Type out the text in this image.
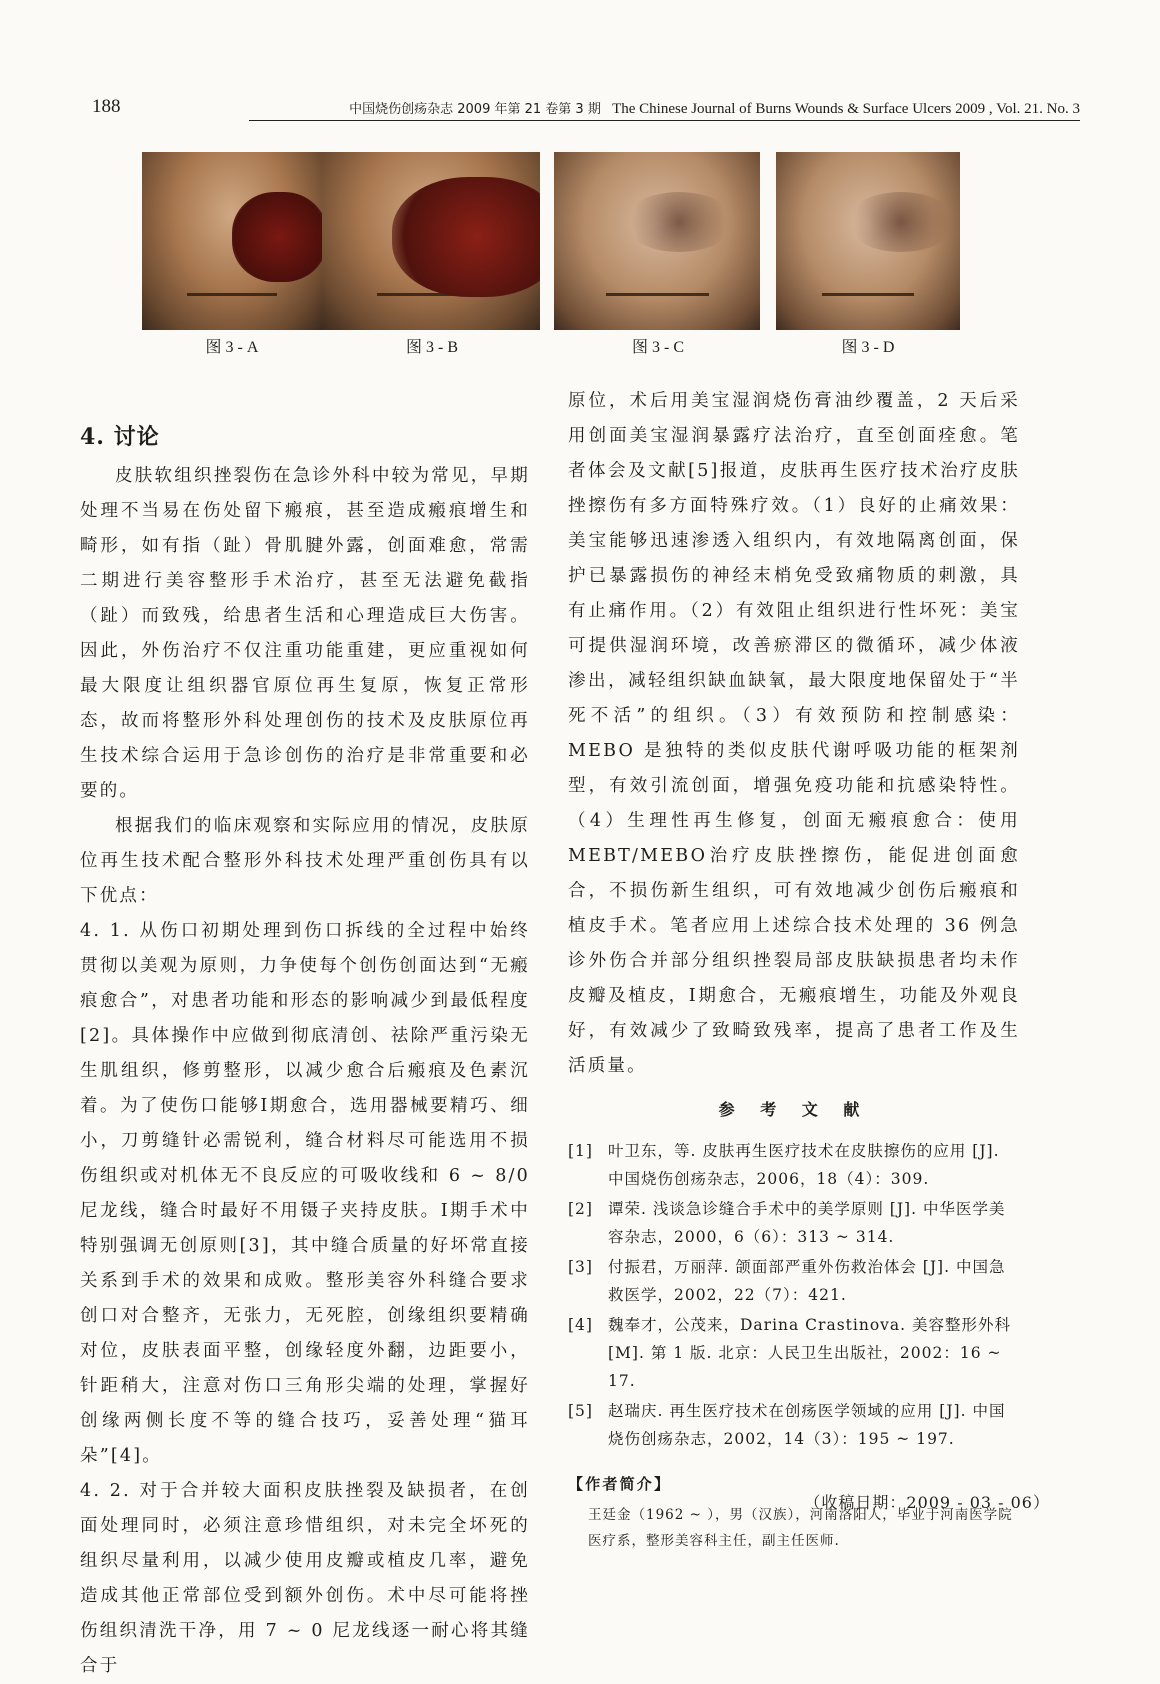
188	中国烧伤创疡杂志 2009 年第 21 卷第 3 期 The Chinese Journal of Burns Wounds & Surface Ulcers 2009 , Vol. 21. No. 3
图 3 - A	图 3 - B	图 3 - C	图 3 - D
4. 讨论

皮肤软组织挫裂伤在急诊外科中较为常见，早期处理不当易在伤处留下瘢痕，甚至造成瘢痕增生和畸形，如有指（趾）骨肌腱外露，创面难愈，常需二期进行美容整形手术治疗，甚至无法避免截指（趾）而致残，给患者生活和心理造成巨大伤害。因此，外伤治疗不仅注重功能重建，更应重视如何最大限度让组织器官原位再生复原，恢复正常形态，故而将整形外科处理创伤的技术及皮肤原位再生技术综合运用于急诊创伤的治疗是非常重要和必要的。

根据我们的临床观察和实际应用的情况，皮肤原位再生技术配合整形外科技术处理严重创伤具有以下优点：

4. 1. 从伤口初期处理到伤口拆线的全过程中始终贯彻以美观为原则，力争使每个创伤创面达到“无瘢痕愈合”，对患者功能和形态的影响减少到最低程度[2]。具体操作中应做到彻底清创、祛除严重污染无生肌组织，修剪整形，以减少愈合后瘢痕及色素沉着。为了使伤口能够Ⅰ期愈合，选用器械要精巧、细小，刀剪缝针必需锐利，缝合材料尽可能选用不损伤组织或对机体无不良反应的可吸收线和 6 ~ 8/0 尼龙线，缝合时最好不用镊子夹持皮肤。Ⅰ期手术中特别强调无创原则[3]，其中缝合质量的好坏常直接关系到手术的效果和成败。整形美容外科缝合要求创口对合整齐，无张力，无死腔，创缘组织要精确对位，皮肤表面平整，创缘轻度外翻，边距要小，针距稍大，注意对伤口三角形尖端的处理，掌握好创缘两侧长度不等的缝合技巧，妥善处理“猫耳朵”[4]。

4. 2. 对于合并较大面积皮肤挫裂及缺损者，在创面处理同时，必须注意珍惜组织，对未完全坏死的组织尽量利用，以减少使用皮瓣或植皮几率，避免造成其他正常部位受到额外创伤。术中尽可能将挫伤组织清洗干净，用 7 ~ 0 尼龙线逐一耐心将其缝合于

原位，术后用美宝湿润烧伤膏油纱覆盖，2 天后采用创面美宝湿润暴露疗法治疗，直至创面痊愈。笔者体会及文献[5]报道，皮肤再生医疗技术治疗皮肤挫擦伤有多方面特殊疗效。（1）良好的止痛效果：美宝能够迅速渗透入组织内，有效地隔离创面，保护已暴露损伤的神经末梢免受致痛物质的刺激，具有止痛作用。（2）有效阻止组织进行性坏死：美宝可提供湿润环境，改善瘀滞区的微循环，减少体液渗出，减轻组织缺血缺氧，最大限度地保留处于“半死不活”的组织。（3）有效预防和控制感染：MEBO 是独特的类似皮肤代谢呼吸功能的框架剂型，有效引流创面，增强免疫功能和抗感染特性。（4）生理性再生修复，创面无瘢痕愈合：使用 MEBT/MEBO治疗皮肤挫擦伤，能促进创面愈合，不损伤新生组织，可有效地减少创伤后瘢痕和植皮手术。笔者应用上述综合技术处理的 36 例急诊外伤合并部分组织挫裂局部皮肤缺损患者均未作皮瓣及植皮，Ⅰ期愈合，无瘢痕增生，功能及外观良好，有效减少了致畸致残率，提高了患者工作及生活质量。

参 考 文 献
[1] 叶卫东，等. 皮肤再生医疗技术在皮肤擦伤的应用 [J]. 中国烧伤创疡杂志，2006，18（4）：309.
[2] 谭荣. 浅谈急诊缝合手术中的美学原则 [J]. 中华医学美容杂志，2000，6（6）：313 ~ 314.
[3] 付振君，万丽萍. 颌面部严重外伤救治体会 [J]. 中国急救医学，2002，22（7）：421.
[4] 魏奉才，公茂来，Darina Crastinova. 美容整形外科 [M]. 第 1 版. 北京：人民卫生出版社，2002：16 ~ 17.
[5] 赵瑞庆. 再生医疗技术在创疡医学领域的应用 [J]. 中国烧伤创疡杂志，2002，14（3）：195 ~ 197.
【作者简介】
王廷金（1962 ~ ），男（汉族），河南洛阳人，毕业于河南医学院医疗系，整形美容科主任，副主任医师.
（收稿日期：2009 - 03 - 06）
